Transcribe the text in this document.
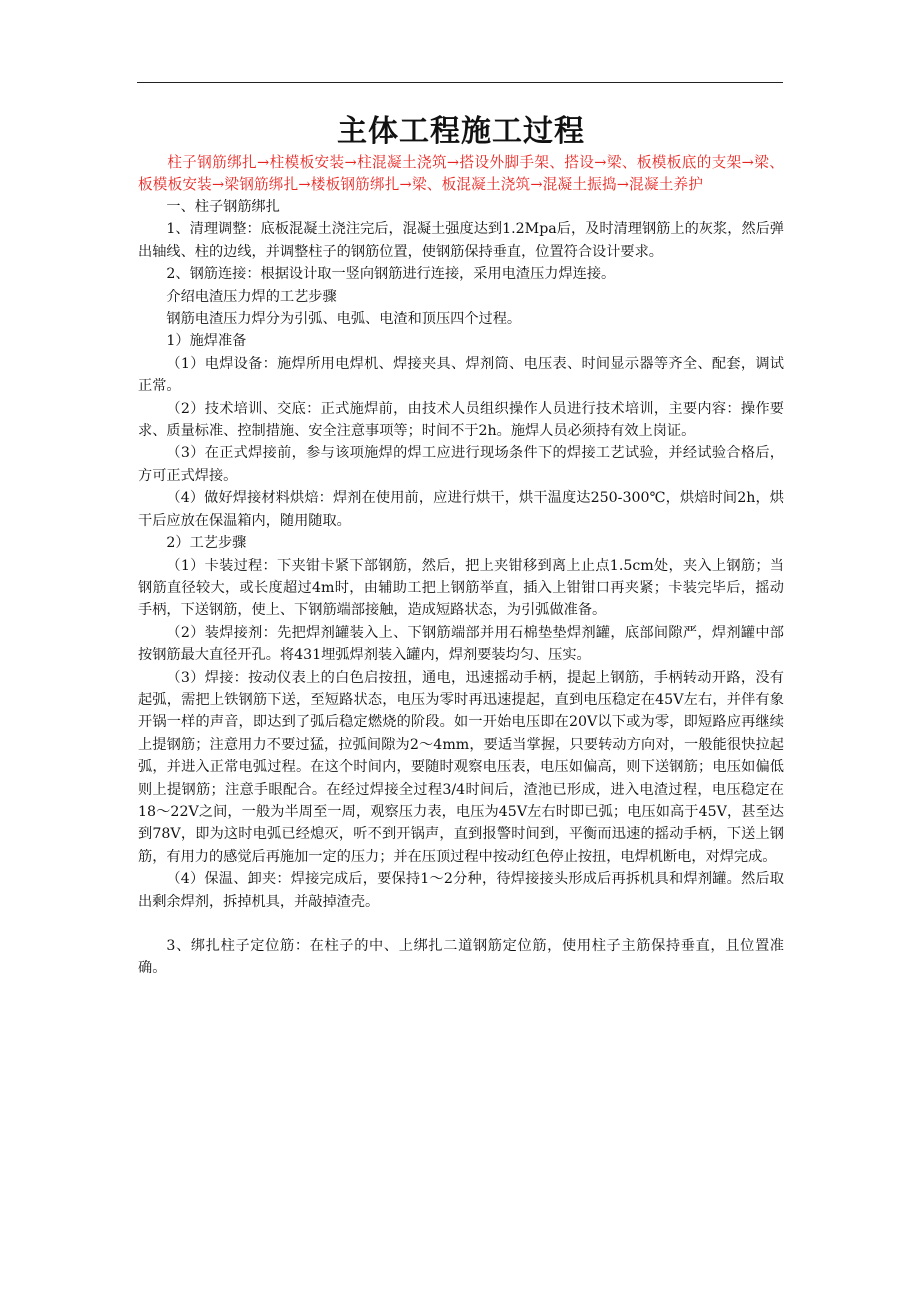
主体工程施工过程

柱子钢筋绑扎→柱模板安装→柱混凝土浇筑→搭设外脚手架、搭设→梁、板模板底的支架→梁、板模板安装→梁钢筋绑扎→楼板钢筋绑扎→梁、板混凝土浇筑→混凝土振捣→混凝土养护

一、柱子钢筋绑扎

1、清理调整：底板混凝土浇注完后，混凝土强度达到1.2Mpa后，及时清理钢筋上的灰浆，然后弹出轴线、柱的边线，并调整柱子的钢筋位置，使钢筋保持垂直，位置符合设计要求。

2、钢筋连接：根据设计取一竖向钢筋进行连接，采用电渣压力焊连接。

介绍电渣压力焊的工艺步骤

钢筋电渣压力焊分为引弧、电弧、电渣和顶压四个过程。

1）施焊准备

（1）电焊设备：施焊所用电焊机、焊接夹具、焊剂筒、电压表、时间显示器等齐全、配套，调试正常。

（2）技术培训、交底：正式施焊前，由技术人员组织操作人员进行技术培训，主要内容：操作要求、质量标准、控制措施、安全注意事项等；时间不于2h。施焊人员必须持有效上岗证。

（3）在正式焊接前，参与该项施焊的焊工应进行现场条件下的焊接工艺试验，并经试验合格后，方可正式焊接。

（4）做好焊接材料烘焙：焊剂在使用前，应进行烘干，烘干温度达250-300℃，烘焙时间2h，烘干后应放在保温箱内，随用随取。

2）工艺步骤

（1）卡装过程：下夹钳卡紧下部钢筋，然后，把上夹钳移到离上止点1.5cm处，夹入上钢筋；当钢筋直径较大，或长度超过4m时，由辅助工把上钢筋举直，插入上钳钳口再夹紧；卡装完毕后，摇动手柄，下送钢筋，使上、下钢筋端部接触，造成短路状态，为引弧做准备。

（2）装焊接剂：先把焊剂罐装入上、下钢筋端部并用石棉垫垫焊剂罐，底部间隙严，焊剂罐中部按钢筋最大直径开孔。将431埋弧焊剂装入罐内，焊剂要装均匀、压实。

（3）焊接：按动仪表上的白色启按扭，通电，迅速摇动手柄，提起上钢筋，手柄转动开路，没有起弧，需把上铁钢筋下送，至短路状态，电压为零时再迅速提起，直到电压稳定在45V左右，并伴有象开锅一样的声音，即达到了弧后稳定燃烧的阶段。如一开始电压即在20V以下或为零，即短路应再继续上提钢筋；注意用力不要过猛，拉弧间隙为2～4mm，要适当掌握，只要转动方向对，一般能很快拉起弧，并进入正常电弧过程。在这个时间内，要随时观察电压表，电压如偏高，则下送钢筋；电压如偏低则上提钢筋；注意手眼配合。在经过焊接全过程3/4时间后，渣池已形成，进入电渣过程，电压稳定在18～22V之间，一般为半周至一周，观察压力表，电压为45V左右时即已弧；电压如高于45V，甚至达到78V，即为这时电弧已经熄灭，听不到开锅声，直到报警时间到，平衡而迅速的摇动手柄，下送上钢筋，有用力的感觉后再施加一定的压力；并在压顶过程中按动红色停止按扭，电焊机断电，对焊完成。

（4）保温、卸夹：焊接完成后，要保持1～2分种，待焊接接头形成后再拆机具和焊剂罐。然后取出剩余焊剂，拆掉机具，并敲掉渣壳。

3、绑扎柱子定位筋：在柱子的中、上绑扎二道钢筋定位筋，使用柱子主筋保持垂直，且位置准确。
